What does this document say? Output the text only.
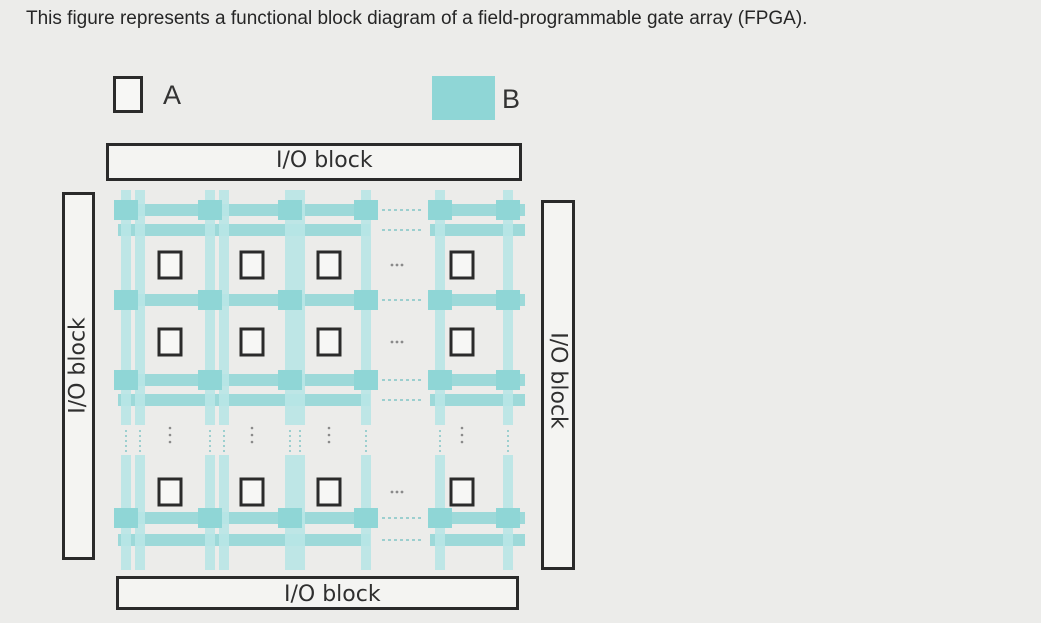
This figure represents a functional block diagram of a field-programmable gate array (FPGA).
A	B
I/O block
I/O block
I/O block	I/O block
